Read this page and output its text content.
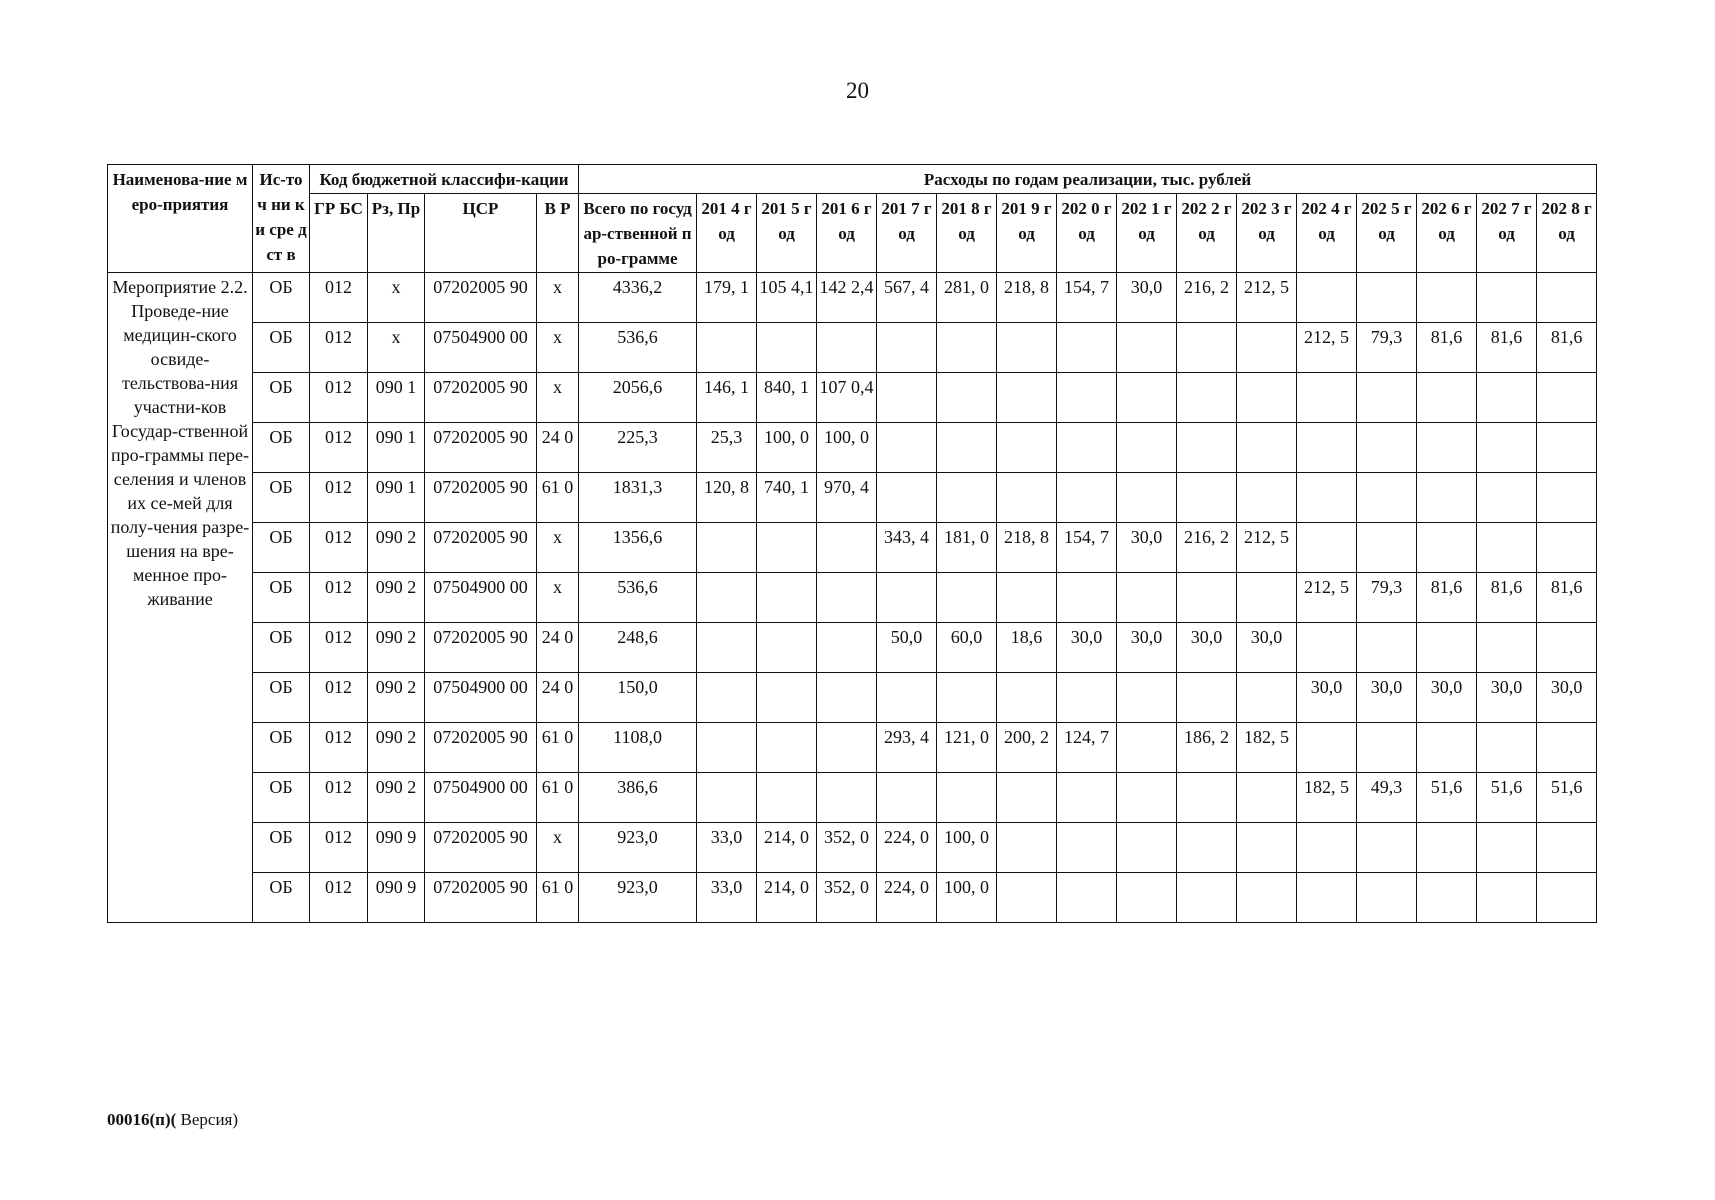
20
Наименова-ние меро-приятия	Ис-точ ни ки сре дст в	Код бюджетной классифи-кации				Расходы по годам реализации, тыс. рублей															
		ГР БС	Рз, Пр	ЦСР	В Р	Всего по государ-ственной про-грамме	201 4 год	201 5 год	201 6 год	201 7 год	201 8 год	201 9 год	202 0 год	202 1 год	202 2 год	202 3 год	202 4 год	202 5 год	202 6 год	202 7 год	202 8 год
Мероприятие 2.2. Проведе-ние медицин-ского освиде-тельствова-ния участни-ков Государ-ственной про-граммы пере-селения и членов их се-мей для полу-чения разре-шения на вре-менное про-живание	ОБ	012	х	07202005 90	х	4336,2	179, 1	105 4,1	142 2,4	567, 4	281, 0	218, 8	154, 7	30,0	216, 2	212, 5					
	ОБ	012	х	07504900 00	х	536,6											212, 5	79,3	81,6	81,6	81,6
	ОБ	012	090 1	07202005 90	х	2056,6	146, 1	840, 1	107 0,4												
	ОБ	012	090 1	07202005 90	24 0	225,3	25,3	100, 0	100, 0												
	ОБ	012	090 1	07202005 90	61 0	1831,3	120, 8	740, 1	970, 4												
	ОБ	012	090 2	07202005 90	х	1356,6				343, 4	181, 0	218, 8	154, 7	30,0	216, 2	212, 5					
	ОБ	012	090 2	07504900 00	х	536,6											212, 5	79,3	81,6	81,6	81,6
	ОБ	012	090 2	07202005 90	24 0	248,6				50,0	60,0	18,6	30,0	30,0	30,0	30,0					
	ОБ	012	090 2	07504900 00	24 0	150,0											30,0	30,0	30,0	30,0	30,0
	ОБ	012	090 2	07202005 90	61 0	1108,0				293, 4	121, 0	200, 2	124, 7		186, 2	182, 5					
	ОБ	012	090 2	07504900 00	61 0	386,6											182, 5	49,3	51,6	51,6	51,6
	ОБ	012	090 9	07202005 90	х	923,0	33,0	214, 0	352, 0	224, 0	100, 0										
	ОБ	012	090 9	07202005 90	61 0	923,0	33,0	214, 0	352, 0	224, 0	100, 0										
00016(п)( Версия)
